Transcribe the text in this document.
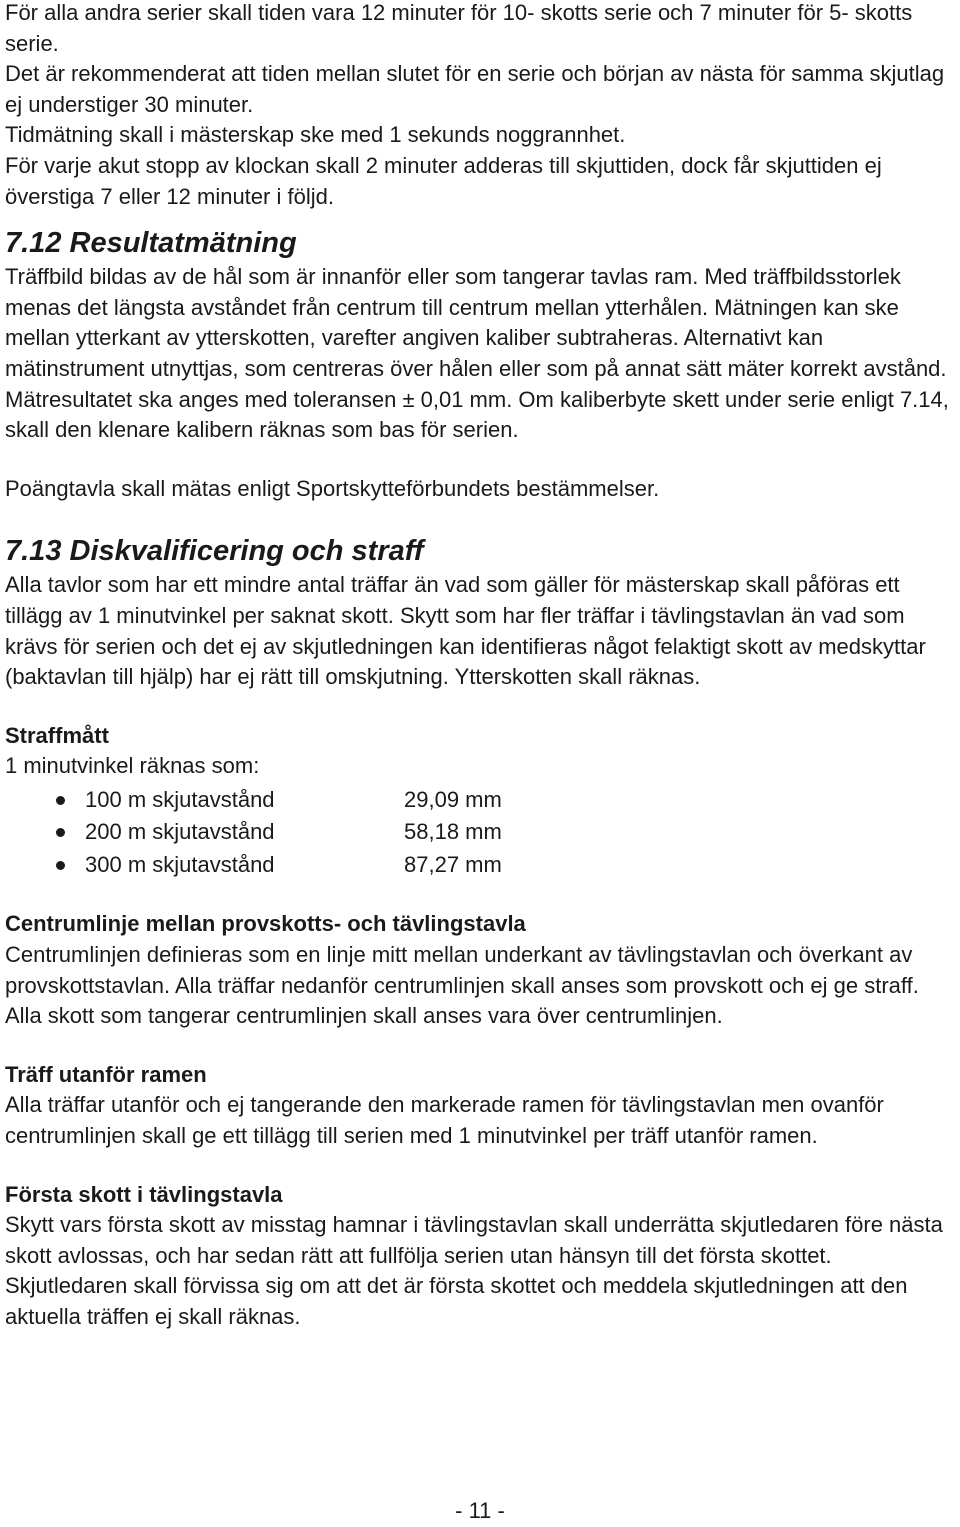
För alla andra serier skall tiden vara 12 minuter för 10- skotts serie och 7 minuter för 5- skotts serie.

Det är rekommenderat att tiden mellan slutet för en serie och början av nästa för samma skjutlag ej understiger 30 minuter.

Tidmätning skall i mästerskap ske med 1 sekunds noggrannhet.

För varje akut stopp av klockan skall 2 minuter adderas till skjuttiden, dock får skjuttiden ej överstiga 7 eller 12 minuter i följd.

7.12 Resultatmätning

Träffbild bildas av de hål som är innanför eller som tangerar tavlas ram. Med träffbildsstorlek menas det längsta avståndet från centrum till centrum mellan ytterhålen. Mätningen kan ske mellan ytterkant av ytterskotten, varefter angiven kaliber subtraheras. Alternativt kan mätinstrument utnyttjas, som centreras över hålen eller som på annat sätt mäter korrekt avstånd. Mätresultatet ska anges med toleransen ± 0,01 mm. Om kaliberbyte skett under serie enligt 7.14, skall den klenare kalibern räknas som bas för serien.

Poängtavla skall mätas enligt Sportskytteförbundets bestämmelser.

7.13 Diskvalificering och straff

Alla tavlor som har ett mindre antal träffar än vad som gäller för mästerskap skall påföras ett tillägg av 1 minutvinkel per saknat skott. Skytt som har fler träffar i tävlingstavlan än vad som krävs för serien och det ej av skjutledningen kan identifieras något felaktigt skott av medskyttar (baktavlan till hjälp) har ej rätt till omskjutning. Ytterskotten skall räknas.

Straffmått

1 minutvinkel räknas som:

100 m skjutavstånd	29,09 mm
200 m skjutavstånd	58,18 mm
300 m skjutavstånd	87,27 mm

Centrumlinje mellan provskotts- och tävlingstavla

Centrumlinjen definieras som en linje mitt mellan underkant av tävlingstavlan och överkant av provskottstavlan. Alla träffar nedanför centrumlinjen skall anses som provskott och ej ge straff. Alla skott som tangerar centrumlinjen skall anses vara över centrumlinjen.

Träff utanför ramen

Alla träffar utanför och ej tangerande den markerade ramen för tävlingstavlan men ovanför centrumlinjen skall ge ett tillägg till serien med 1 minutvinkel per träff utanför ramen.

Första skott i tävlingstavla

Skytt vars första skott av misstag hamnar i tävlingstavlan skall underrätta skjutledaren före nästa skott avlossas, och har sedan rätt att fullfölja serien utan hänsyn till det första skottet. Skjutledaren skall förvissa sig om att det är första skottet och meddela skjutledningen att den aktuella träffen ej skall räknas.

- 11 -
